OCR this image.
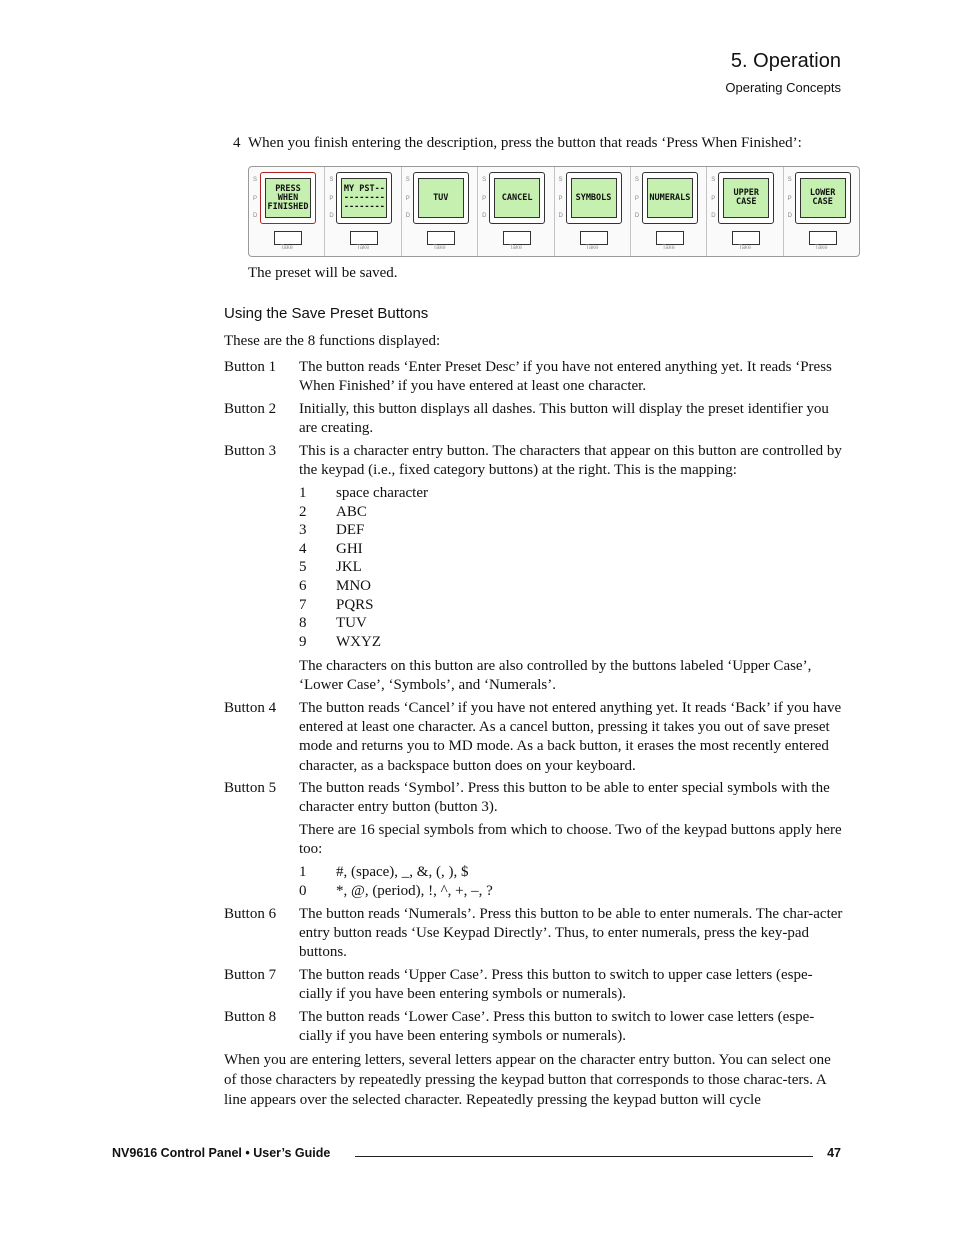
5. Operation
Operating Concepts
4 When you finish entering the description, press the button that reads ‘Press When Finished’:
S
P
D
PRESS
WHEN
FINISHED
Take
S
P
D
MY PST--
--------
--------
Take
S
P
D
TUV
Take
S
P
D
CANCEL
Take
S
P
D
SYMBOLS
Take
S
P
D
NUMERALS
Take
S
P
D
UPPER
CASE
Take
S
P
D
LOWER
CASE
Take
The preset will be saved.
Using the Save Preset Buttons
These are the 8 functions displayed:
Button 1 The button reads ‘Enter Preset Desc’ if you have not entered anything yet. It reads ‘Press When Finished’ if you have entered at least one character.
Button 2 Initially, this button displays all dashes. This button will display the preset identifier you are creating.
Button 3 This is a character entry button. The characters that appear on this button are controlled by the keypad (i.e., fixed category buttons) at the right. This is the mapping:
1 space character
2 ABC
3 DEF
4 GHI
5 JKL
6 MNO
7 PQRS
8 TUV
9 WXYZ
The characters on this button are also controlled by the buttons labeled ‘Upper Case’, ‘Lower Case’, ‘Symbols’, and ‘Numerals’.
Button 4 The button reads ‘Cancel’ if you have not entered anything yet. It reads ‘Back’ if you have entered at least one character. As a cancel button, pressing it takes you out of save preset mode and returns you to MD mode. As a back button, it erases the most recently entered character, as a backspace button does on your keyboard.
Button 5 The button reads ‘Symbol’. Press this button to be able to enter special symbols with the character entry button (button 3).
There are 16 special symbols from which to choose. Two of the keypad buttons apply here too:
1 #, (space), _, &, (, ), $
0 *, @, (period), !, ^, +, –, ?
Button 6 The button reads ‘Numerals’. Press this button to be able to enter numerals. The char-acter entry button reads ‘Use Keypad Directly’. Thus, to enter numerals, press the key-pad buttons.
Button 7 The button reads ‘Upper Case’. Press this button to switch to upper case letters (espe-cially if you have been entering symbols or numerals).
Button 8 The button reads ‘Lower Case’. Press this button to switch to lower case letters (espe-cially if you have been entering symbols or numerals).
When you are entering letters, several letters appear on the character entry button. You can select one of those characters by repeatedly pressing the keypad button that corresponds to those charac-ters. A line appears over the selected character. Repeatedly pressing the keypad button will cycle
NV9616 Control Panel • User’s Guide	47
